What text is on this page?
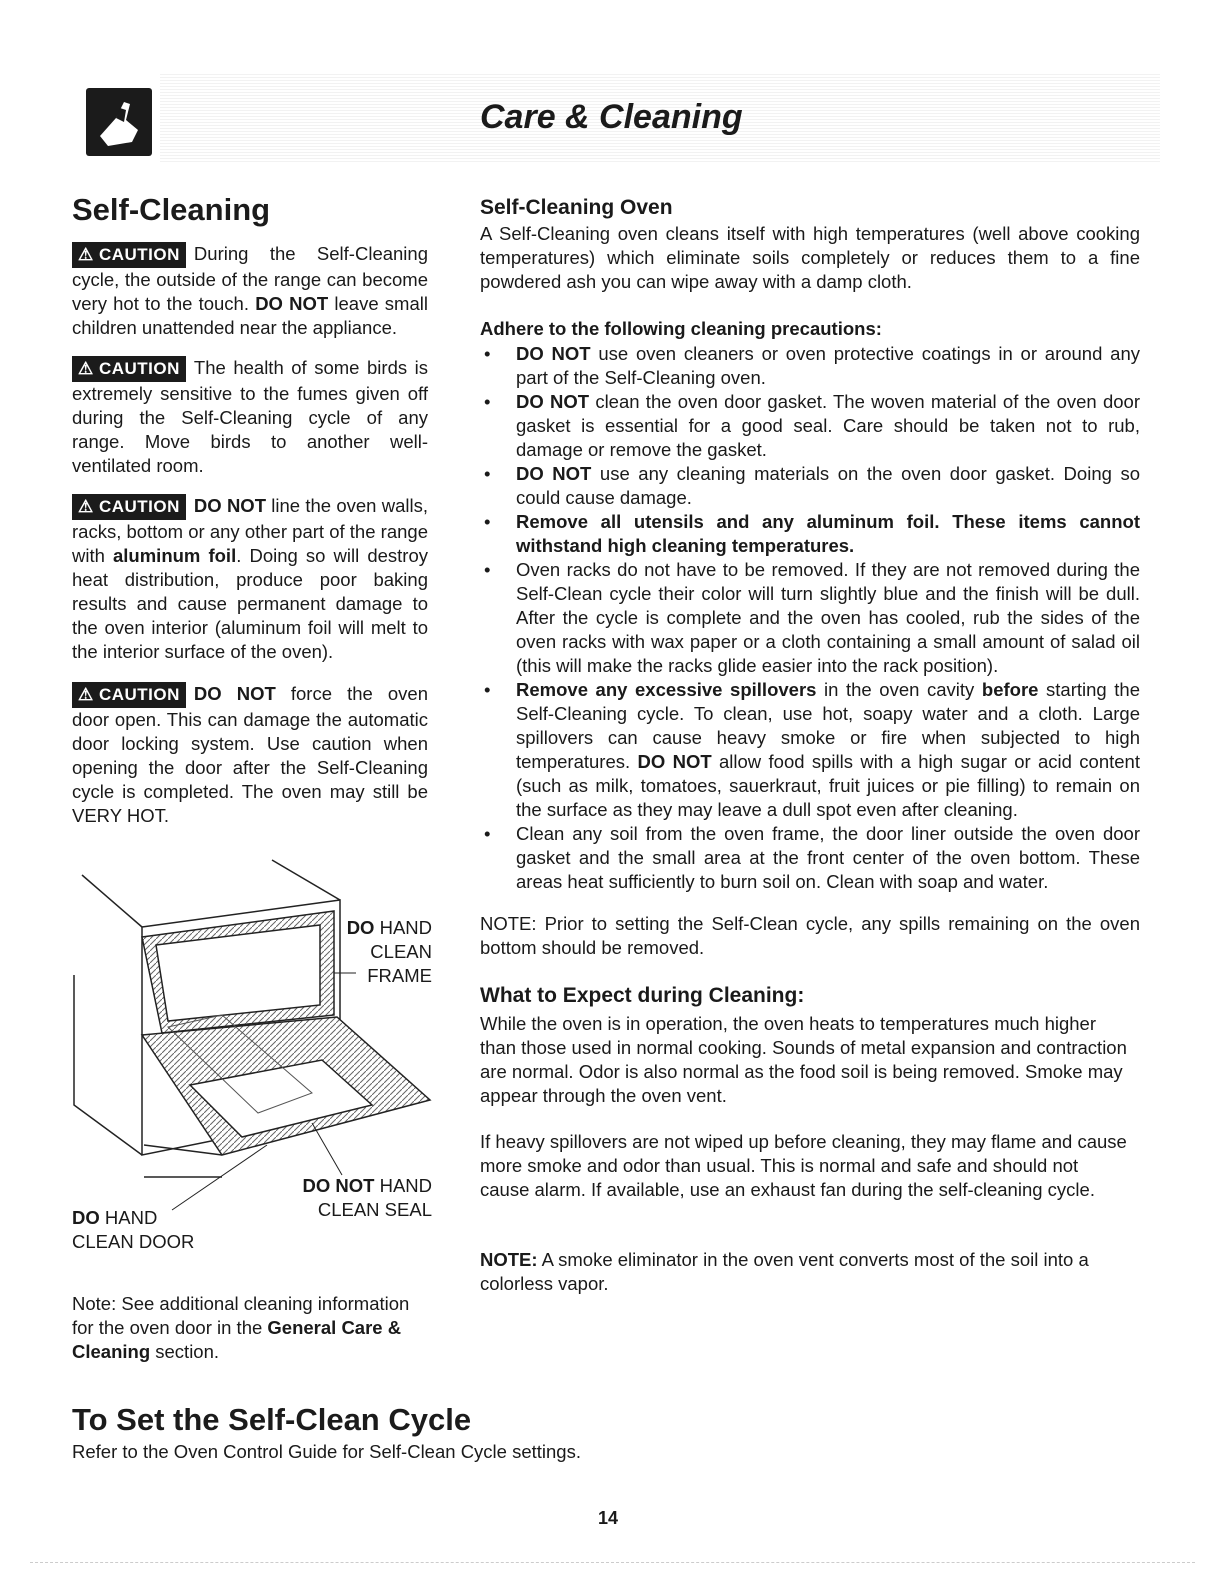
Care & Cleaning
Self-Cleaning

⚠ CAUTION During the Self-Cleaning cycle, the outside of the range can become very hot to the touch. DO NOT leave small children unattended near the appliance.

⚠ CAUTION The health of some birds is extremely sensitive to the fumes given off during the Self-Cleaning cycle of any range. Move birds to another well-ventilated room.

⚠ CAUTION DO NOT line the oven walls, racks, bottom or any other part of the range with aluminum foil. Doing so will destroy heat distribution, produce poor baking results and cause permanent damage to the oven interior (aluminum foil will melt to the interior surface of the oven).

⚠ CAUTION DO NOT force the oven door open. This can damage the automatic door locking system. Use caution when opening the door after the Self-Cleaning cycle is completed. The oven may still be VERY HOT.

DO HAND
CLEAN
FRAME

DO NOT HAND
CLEAN SEAL

DO HAND
CLEAN DOOR

Note: See additional cleaning information for the oven door in the General Care & Cleaning section.

Self-Cleaning Oven

A Self-Cleaning oven cleans itself with high temperatures (well above cooking temperatures) which eliminate soils completely or reduces them to a fine powdered ash you can wipe away with a damp cloth.

Adhere to the following cleaning precautions:
• DO NOT use oven cleaners or oven protective coatings in or around any part of the Self-Cleaning oven.
• DO NOT clean the oven door gasket. The woven material of the oven door gasket is essential for a good seal. Care should be taken not to rub, damage or remove the gasket.
• DO NOT use any cleaning materials on the oven door gasket. Doing so could cause damage.
• Remove all utensils and any aluminum foil. These items cannot withstand high cleaning temperatures.
• Oven racks do not have to be removed. If they are not removed during the Self-Clean cycle their color will turn slightly blue and the finish will be dull. After the cycle is complete and the oven has cooled, rub the sides of the oven racks with wax paper or a cloth containing a small amount of salad oil (this will make the racks glide easier into the rack position).
• Remove any excessive spillovers in the oven cavity before starting the Self-Cleaning cycle. To clean, use hot, soapy water and a cloth. Large spillovers can cause heavy smoke or fire when subjected to high temperatures. DO NOT allow food spills with a high sugar or acid content (such as milk, tomatoes, sauerkraut, fruit juices or pie filling) to remain on the surface as they may leave a dull spot even after cleaning.
• Clean any soil from the oven frame, the door liner outside the oven door gasket and the small area at the front center of the oven bottom. These areas heat sufficiently to burn soil on. Clean with soap and water.

NOTE: Prior to setting the Self-Clean cycle, any spills remaining on the oven bottom should be removed.

What to Expect during Cleaning:

While the oven is in operation, the oven heats to temperatures much higher than those used in normal cooking. Sounds of metal expansion and contraction are normal. Odor is also normal as the food soil is being removed. Smoke may appear through the oven vent.

If heavy spillovers are not wiped up before cleaning, they may flame and cause more smoke and odor than usual. This is normal and safe and should not cause alarm. If available, use an exhaust fan during the self-cleaning cycle.

NOTE: A smoke eliminator in the oven vent converts most of the soil into a colorless vapor.

To Set the Self-Clean Cycle

Refer to the Oven Control Guide for Self-Clean Cycle settings.

14
